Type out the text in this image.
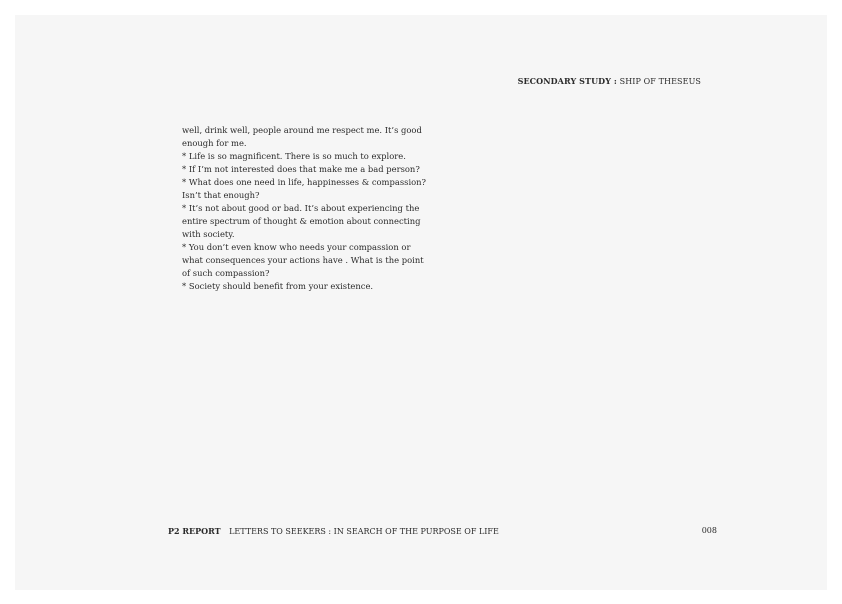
SECONDARY STUDY : SHIP OF THESEUS
well, drink well, people around me respect me. It’s good
enough for me.
* Life is so magnificent. There is so much to explore.
* If I’m not interested does that make me a bad person?
* What does one need in life, happinesses & compassion?
Isn’t that enough?
* It’s not about good or bad. It’s about experiencing the
entire spectrum of thought & emotion about connecting
with society.
* You don’t even know who needs your compassion or
what consequences your actions have . What is the point
of such compassion?
* Society should benefit from your existence.
P2 REPORT LETTERS TO SEEKERS : IN SEARCH OF THE PURPOSE OF LIFE	008
